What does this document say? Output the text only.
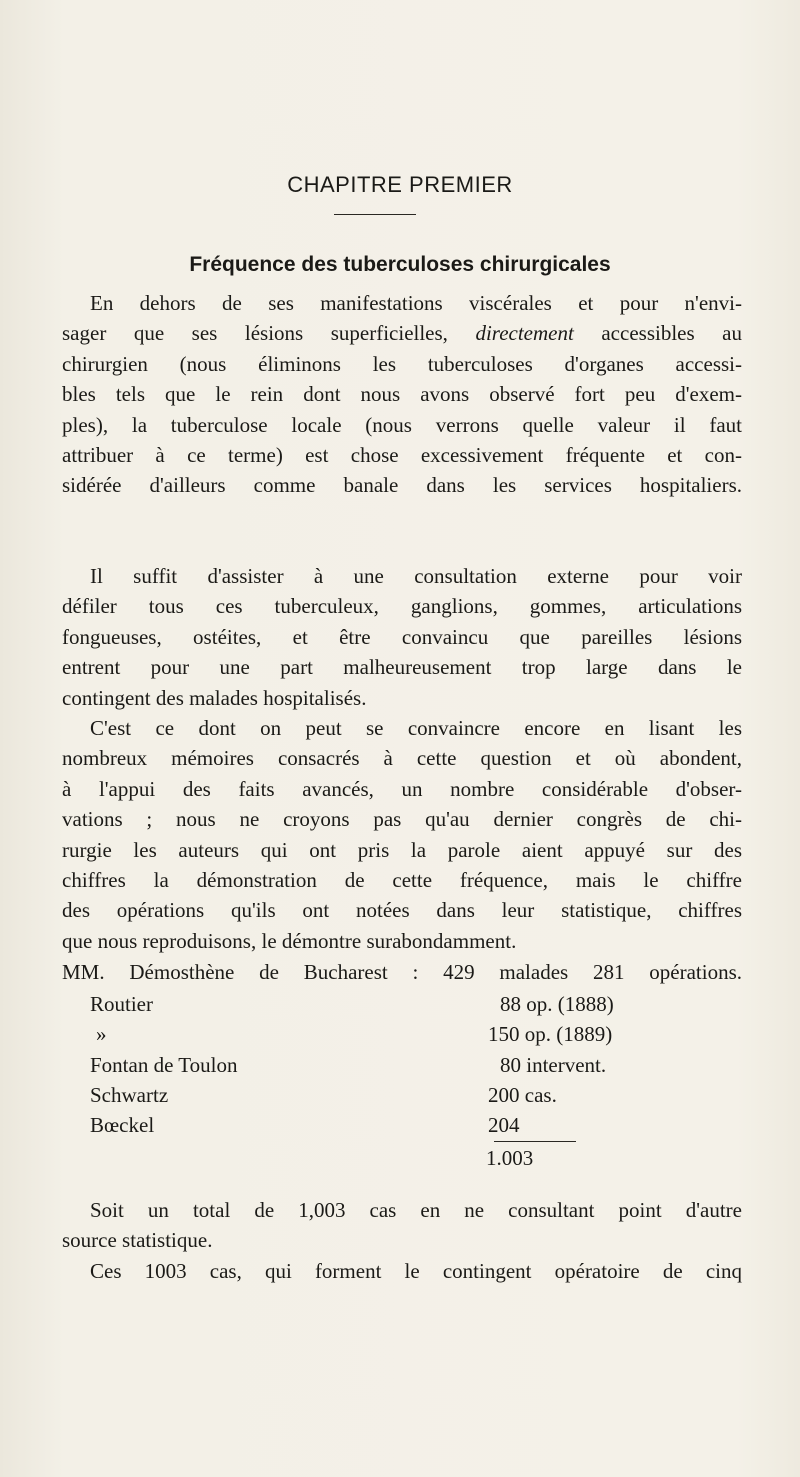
CHAPITRE PREMIER
Fréquence des tuberculoses chirurgicales
En dehors de ses manifestations viscérales et pour n'envi-
sager que ses lésions superficielles, directement accessibles au
chirurgien (nous éliminons les tuberculoses d'organes accessi-
bles tels que le rein dont nous avons observé fort peu d'exem-
ples), la tuberculose locale (nous verrons quelle valeur il faut
attribuer à ce terme) est chose excessivement fréquente et con-
sidérée d'ailleurs comme banale dans les services hospitaliers.
Il suffit d'assister à une consultation externe pour voir
défiler tous ces tuberculeux, ganglions, gommes, articulations
fongueuses, ostéites, et être convaincu que pareilles lésions
entrent pour une part malheureusement trop large dans le
contingent des malades hospitalisés.
C'est ce dont on peut se convaincre encore en lisant les
nombreux mémoires consacrés à cette question et où abondent,
à l'appui des faits avancés, un nombre considérable d'obser-
vations ; nous ne croyons pas qu'au dernier congrès de chi-
rurgie les auteurs qui ont pris la parole aient appuyé sur des
chiffres la démonstration de cette fréquence, mais le chiffre
des opérations qu'ils ont notées dans leur statistique, chiffres
que nous reproduisons, le démontre surabondamment.
MM. Démosthène de Bucharest : 429 malades 281 opérations.
Routier	88 op. (1888)
»	150 op. (1889)
Fontan de Toulon	80 intervent.
Schwartz	200 cas.
Bœckel	204
1.003
Soit un total de 1,003 cas en ne consultant point d'autre
source statistique.
Ces 1003 cas, qui forment le contingent opératoire de cinq
